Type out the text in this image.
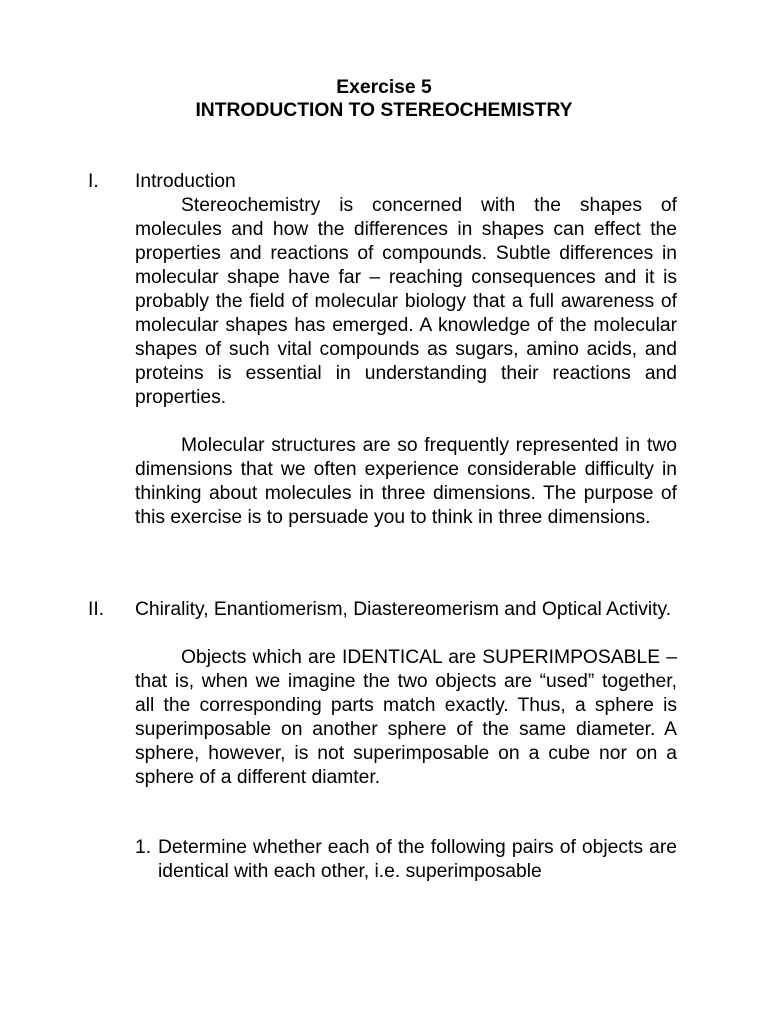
Exercise 5
INTRODUCTION TO STEREOCHEMISTRY
I. Introduction

Stereochemistry is concerned with the shapes of molecules and how the differences in shapes can effect the properties and reactions of compounds. Subtle differences in molecular shape have far – reaching consequences and it is probably the field of molecular biology that a full awareness of molecular shapes has emerged. A knowledge of the molecular shapes of such vital compounds as sugars, amino acids, and proteins is essential in understanding their reactions and properties.

Molecular structures are so frequently represented in two dimensions that we often experience considerable difficulty in thinking about molecules in three dimensions. The purpose of this exercise is to persuade you to think in three dimensions.

II. Chirality, Enantiomerism, Diastereomerism and Optical Activity.

Objects which are IDENTICAL are SUPERIMPOSABLE – that is, when we imagine the two objects are “used” together, all the corresponding parts match exactly. Thus, a sphere is superimposable on another sphere of the same diameter. A sphere, however, is not superimposable on a cube nor on a sphere of a different diamter.

1. Determine whether each of the following pairs of objects are identical with each other, i.e. superimposable
